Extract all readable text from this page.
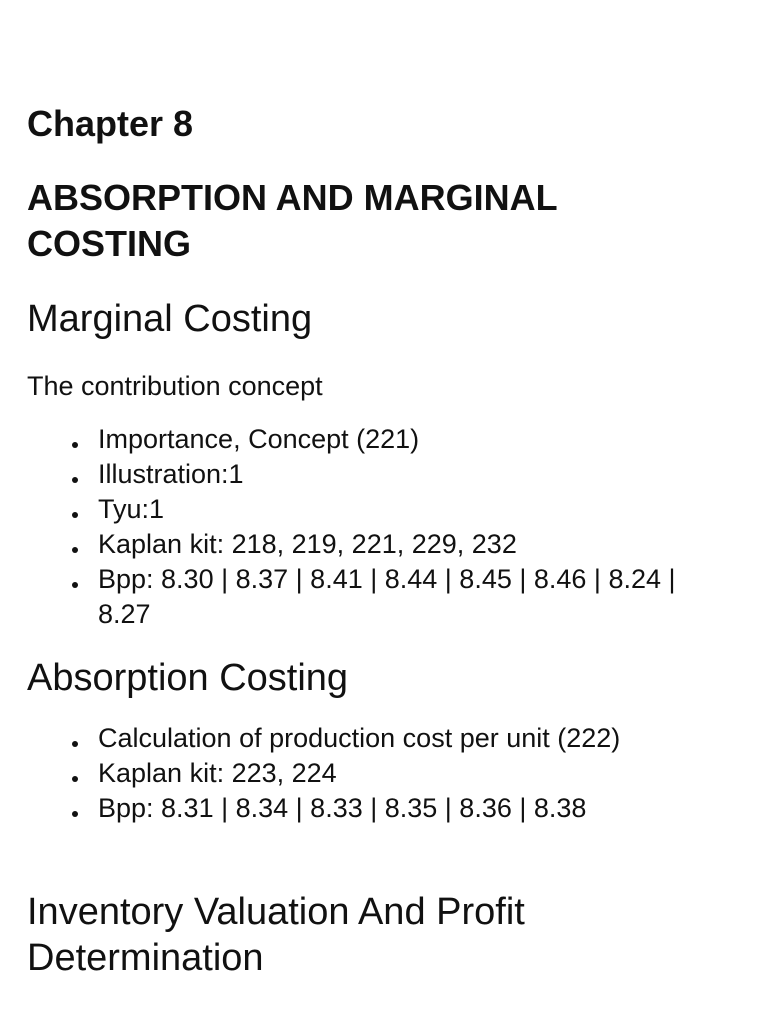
Chapter 8
ABSORPTION AND MARGINAL COSTING
Marginal Costing

The contribution concept

Importance, Concept (221)
Illustration:1
Tyu:1
Kaplan kit: 218, 219, 221, 229, 232
Bpp: 8.30 | 8.37 | 8.41 | 8.44 | 8.45 | 8.46 | 8.24 | 8.27
Absorption Costing
Calculation of production cost per unit (222)
Kaplan kit: 223, 224
Bpp: 8.31 | 8.34 | 8.33 | 8.35 | 8.36 | 8.38
Inventory Valuation And Profit Determination
